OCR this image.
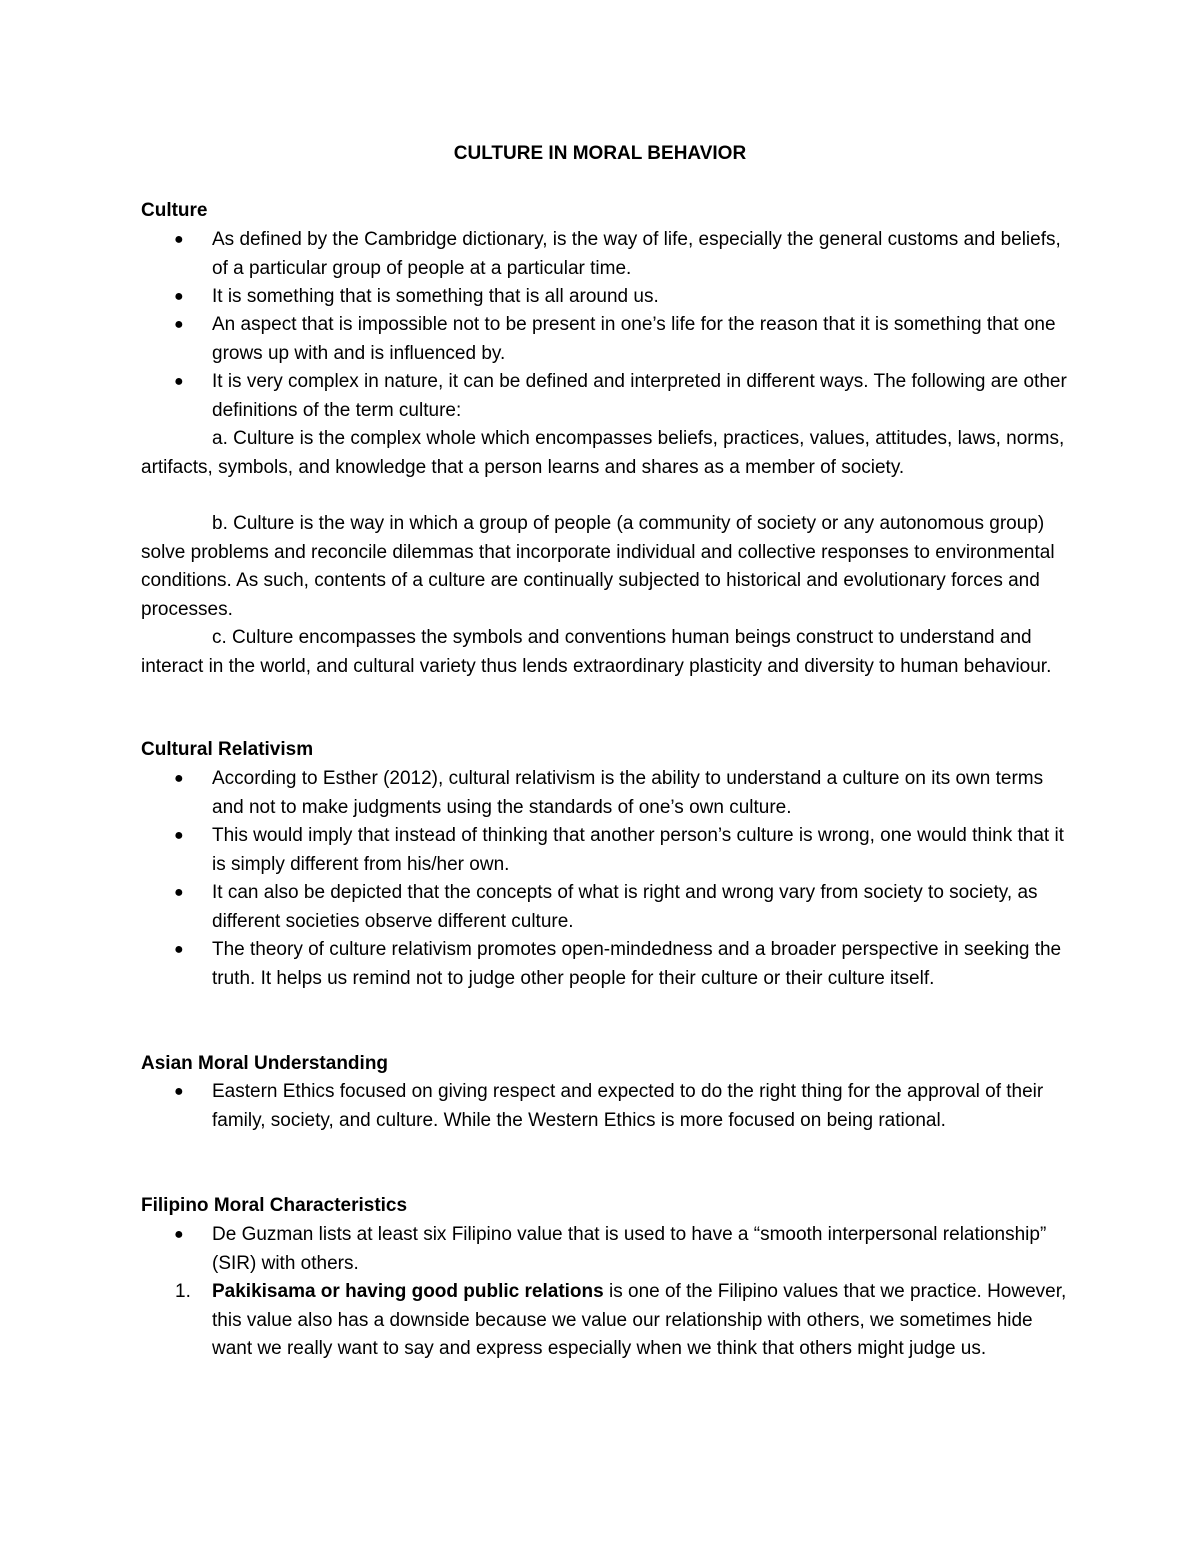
CULTURE IN MORAL BEHAVIOR
Culture
● As defined by the Cambridge dictionary, is the way of life, especially the general customs and beliefs, of a particular group of people at a particular time.
● It is something that is something that is all around us.
● An aspect that is impossible not to be present in one’s life for the reason that it is something that one grows up with and is influenced by.
● It is very complex in nature, it can be defined and interpreted in different ways. The following are other definitions of the term culture:
a. Culture is the complex whole which encompasses beliefs, practices, values, attitudes, laws, norms, artifacts, symbols, and knowledge that a person learns and shares as a member of society.
b. Culture is the way in which a group of people (a community of society or any autonomous group) solve problems and reconcile dilemmas that incorporate individual and collective responses to environmental conditions. As such, contents of a culture are continually subjected to historical and evolutionary forces and processes.
c. Culture encompasses the symbols and conventions human beings construct to understand and interact in the world, and cultural variety thus lends extraordinary plasticity and diversity to human behaviour.
Cultural Relativism
● According to Esther (2012), cultural relativism is the ability to understand a culture on its own terms and not to make judgments using the standards of one’s own culture.
● This would imply that instead of thinking that another person’s culture is wrong, one would think that it is simply different from his/her own.
● It can also be depicted that the concepts of what is right and wrong vary from society to society, as different societies observe different culture.
● The theory of culture relativism promotes open-mindedness and a broader perspective in seeking the truth. It helps us remind not to judge other people for their culture or their culture itself.
Asian Moral Understanding
● Eastern Ethics focused on giving respect and expected to do the right thing for the approval of their family, society, and culture. While the Western Ethics is more focused on being rational.
Filipino Moral Characteristics
● De Guzman lists at least six Filipino value that is used to have a “smooth interpersonal relationship” (SIR) with others.
1. Pakikisama or having good public relations is one of the Filipino values that we practice. However, this value also has a downside because we value our relationship with others, we sometimes hide want we really want to say and express especially when we think that others might judge us.
